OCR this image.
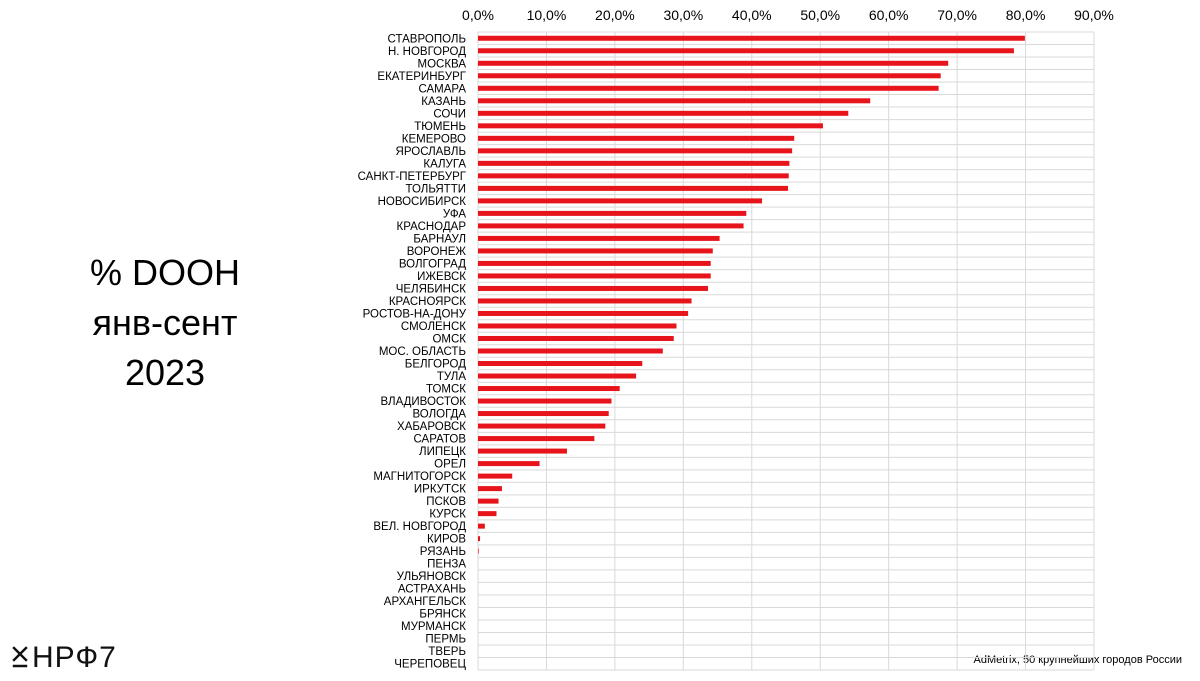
% DOOH
янв-сент
2023
НРФ7	AdMetrix, 50 крупнейших городов России
0,0% 10,0% 20,0% 30,0% 40,0% 50,0% 60,0% 70,0% 80,0% 90,0%
СТАВРОПОЛЬ
Н. НОВГОРОД
МОСКВА
ЕКАТЕРИНБУРГ
САМАРА
КАЗАНЬ
СОЧИ
ТЮМЕНЬ
КЕМЕРОВО
ЯРОСЛАВЛЬ
КАЛУГА
САНКТ-ПЕТЕРБУРГ
ТОЛЬЯТТИ
НОВОСИБИРСК
УФА
КРАСНОДАР
БАРНАУЛ
ВОРОНЕЖ
ВОЛГОГРАД
ИЖЕВСК
ЧЕЛЯБИНСК
КРАСНОЯРСК
РОСТОВ-НА-ДОНУ
СМОЛЕНСК
ОМСК
МОС. ОБЛАСТЬ
БЕЛГОРОД
ТУЛА
ТОМСК
ВЛАДИВОСТОК
ВОЛОГДА
ХАБАРОВСК
САРАТОВ
ЛИПЕЦК
ОРЕЛ
МАГНИТОГОРСК
ИРКУТСК
ПСКОВ
КУРСК
ВЕЛ. НОВГОРОД
КИРОВ
РЯЗАНЬ
ПЕНЗА
УЛЬЯНОВСК
АСТРАХАНЬ
АРХАНГЕЛЬСК
БРЯНСК
МУРМАНСК
ПЕРМЬ
ТВЕРЬ
ЧЕРЕПОВЕЦ
